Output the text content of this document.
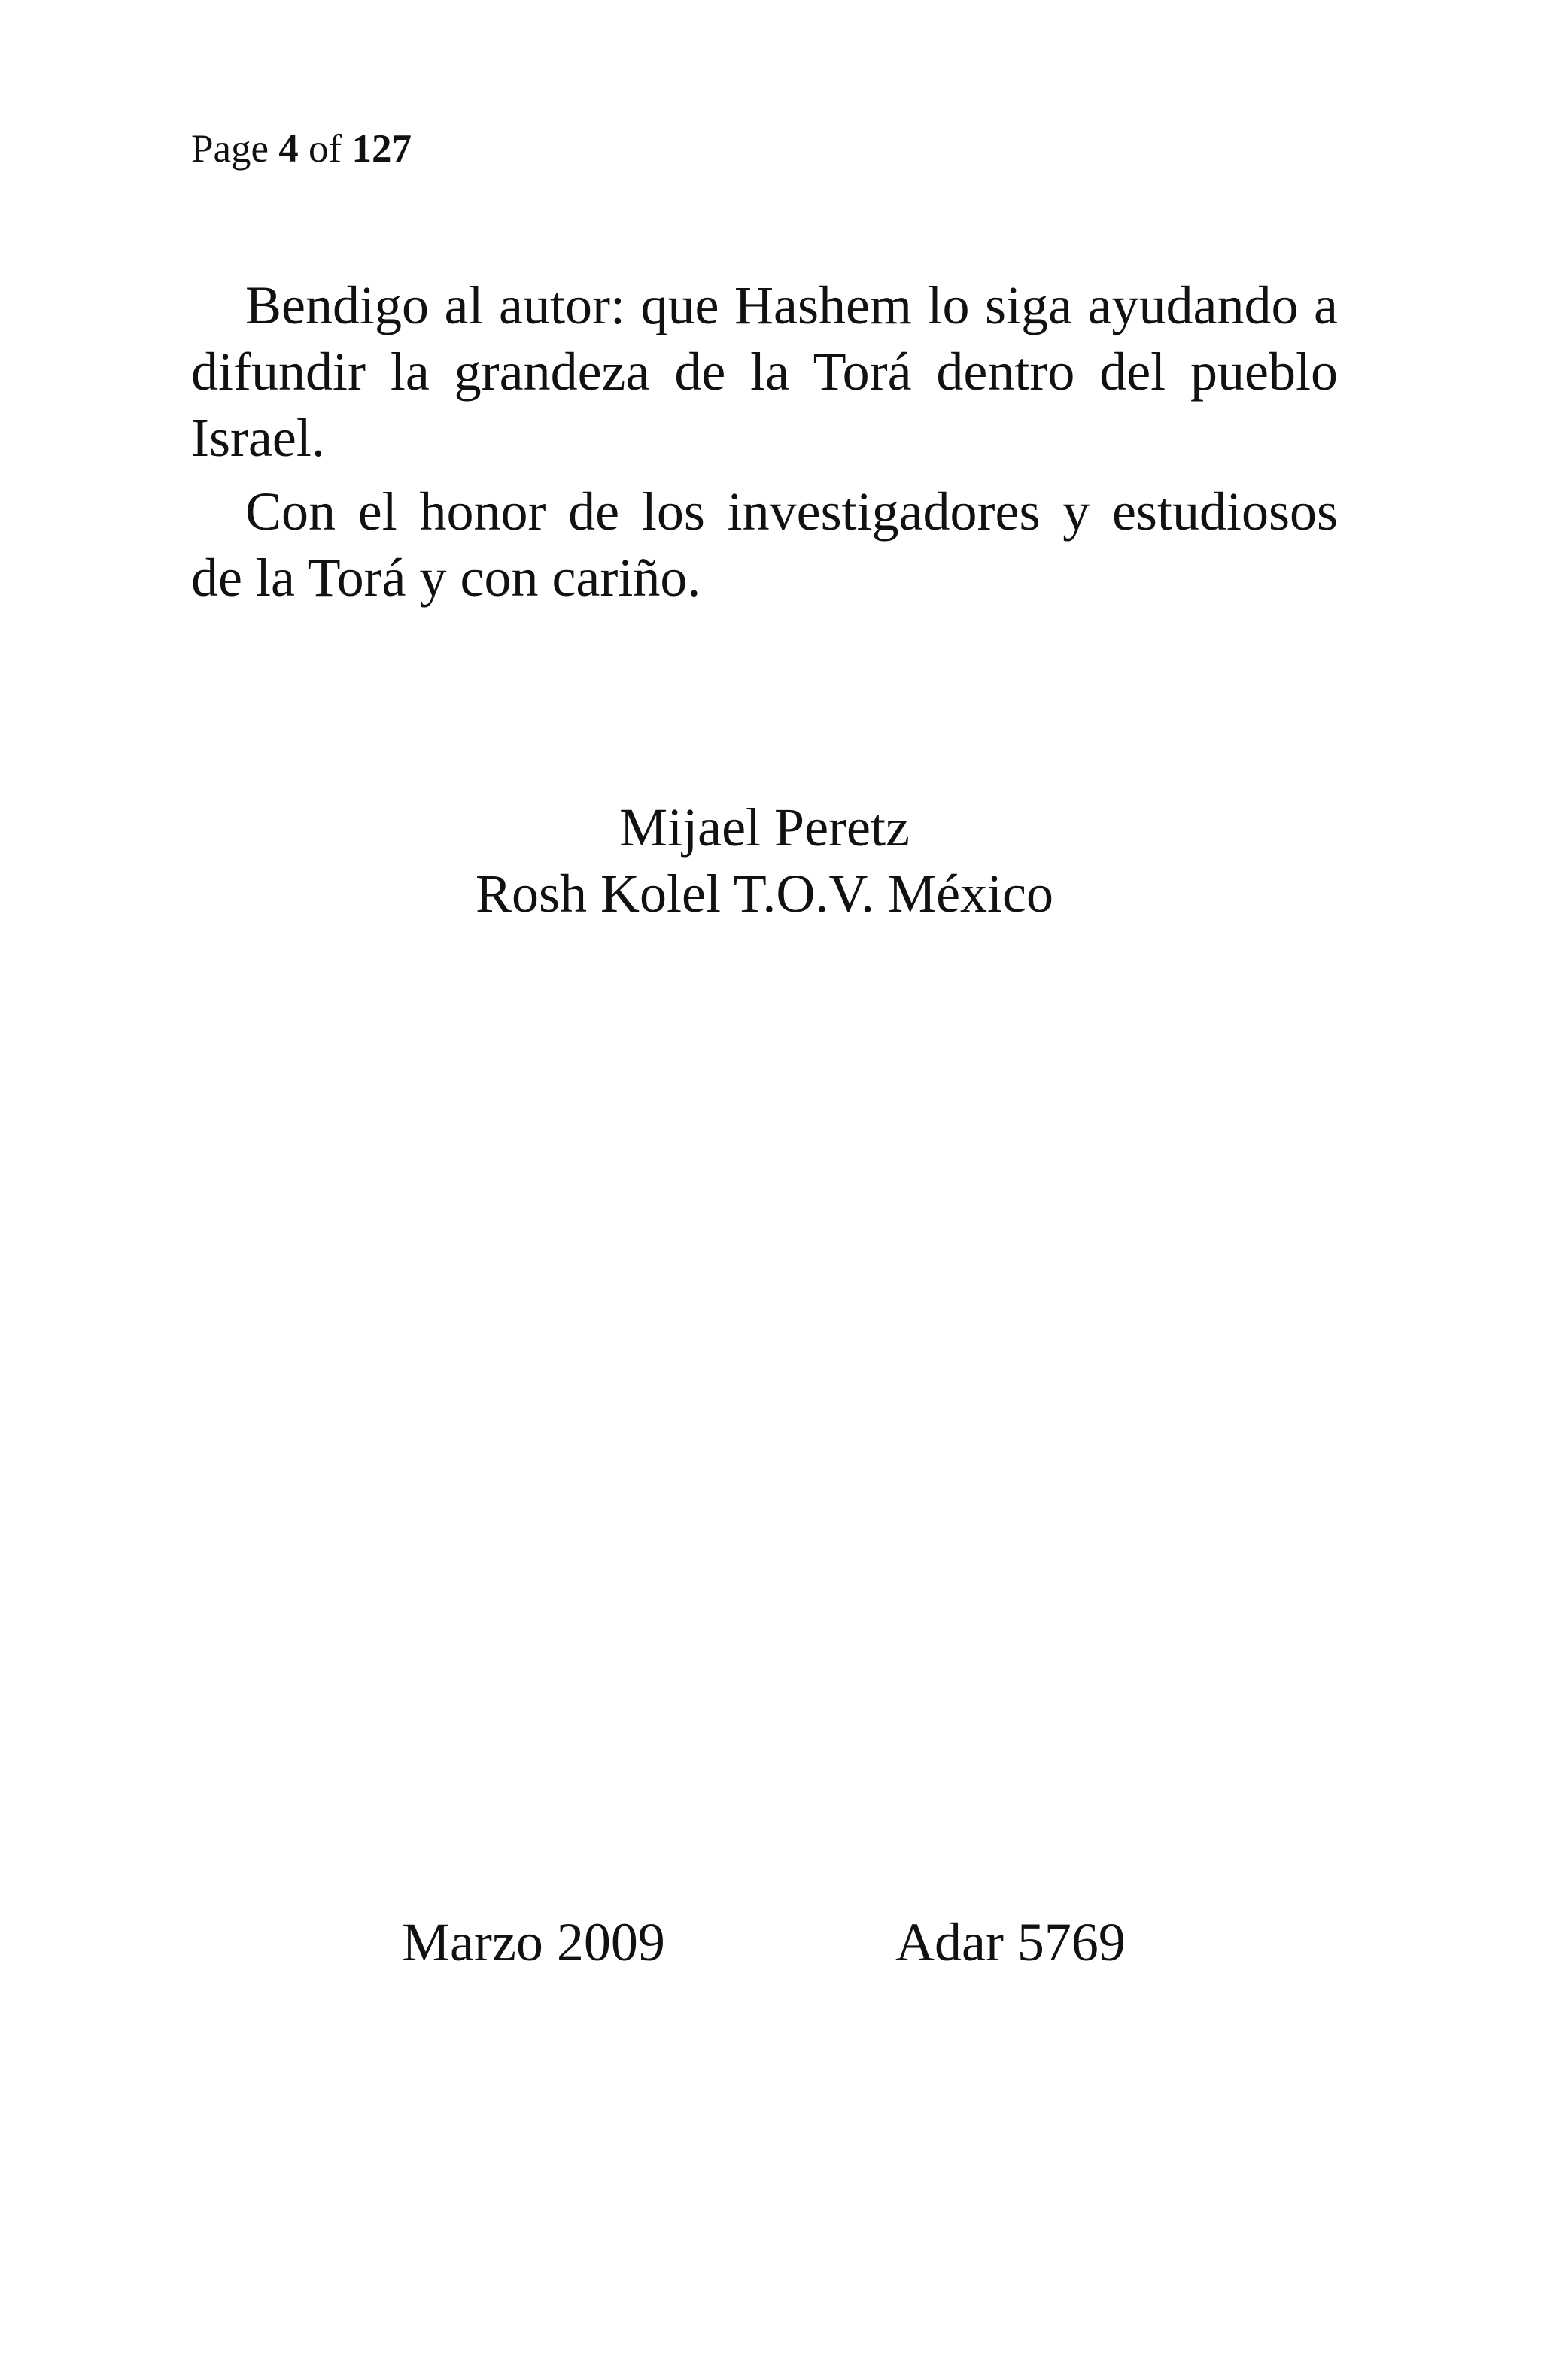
Page 4 of 127

Bendigo al autor: que Hashem lo siga ayudando a difundir la grandeza de la Torá dentro del pueblo Israel.

Con el honor de los investigadores y estudiosos de la Torá y con cariño.

Mijael Peretz
Rosh Kolel T.O.V. México
Marzo 2009	Adar 5769
